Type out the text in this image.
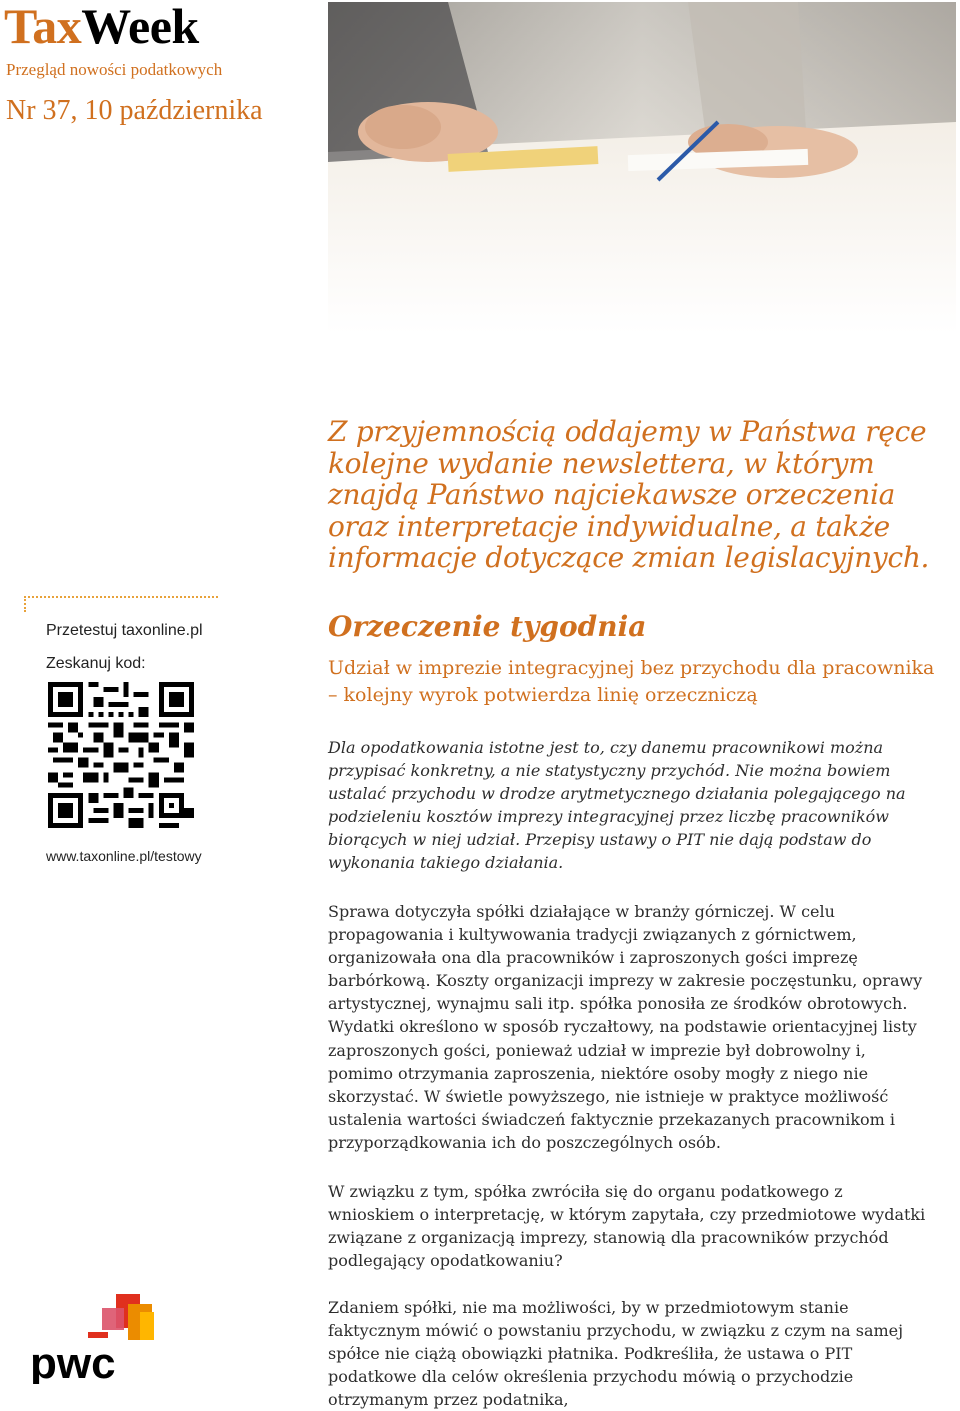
TaxWeek
Przegląd nowości podatkowych
Nr 37, 10 października
Z przyjemnością oddajemy w Państwa ręce kolejne wydanie newslettera, w którym znajdą Państwo najciekawsze orzeczenia oraz interpretacje indywidualne, a także informacje dotyczące zmian legislacyjnych.
Przetestuj taxonline.pl
Zeskanuj kod:
www.taxonline.pl/testowy
Orzeczenie tygodnia
Udział w imprezie integracyjnej bez przychodu dla pracownika
– kolejny wyrok potwierdza linię orzeczniczą
Dla opodatkowania istotne jest to, czy danemu pracownikowi można przypisać konkretny, a nie statystyczny przychód. Nie można bowiem ustalać przychodu w drodze arytmetycznego działania polegającego na podzieleniu kosztów imprezy integracyjnej przez liczbę pracowników biorących w niej udział. Przepisy ustawy o PIT nie dają podstaw do wykonania takiego działania.
Sprawa dotyczyła spółki działające w branży górniczej. W celu propagowania i kultywowania tradycji związanych z górnictwem, organizowała ona dla pracowników i zaproszonych gości imprezę barbórkową. Koszty organizacji imprezy w zakresie poczęstunku, oprawy artystycznej, wynajmu sali itp. spółka ponosiła ze środków obrotowych. Wydatki określono w sposób ryczałtowy, na podstawie orientacyjnej listy zaproszonych gości, ponieważ udział w imprezie był dobrowolny i, pomimo otrzymania zaproszenia, niektóre osoby mogły z niego nie skorzystać. W świetle powyższego, nie istnieje w praktyce możliwość ustalenia wartości świadczeń faktycznie przekazanych pracownikom i przyporządkowania ich do poszczególnych osób.
W związku z tym, spółka zwróciła się do organu podatkowego z wnioskiem o interpretację, w którym zapytała, czy przedmiotowe wydatki związane z organizacją imprezy, stanowią dla pracowników przychód podlegający opodatkowaniu?
Zdaniem spółki, nie ma możliwości, by w przedmiotowym stanie faktycznym mówić o powstaniu przychodu, w związku z czym na samej spółce nie ciążą obowiązki płatnika. Podkreśliła, że ustawa o PIT podatkowe dla celów określenia przychodu mówią o przychodzie otrzymanym przez podatnika,
pwc
